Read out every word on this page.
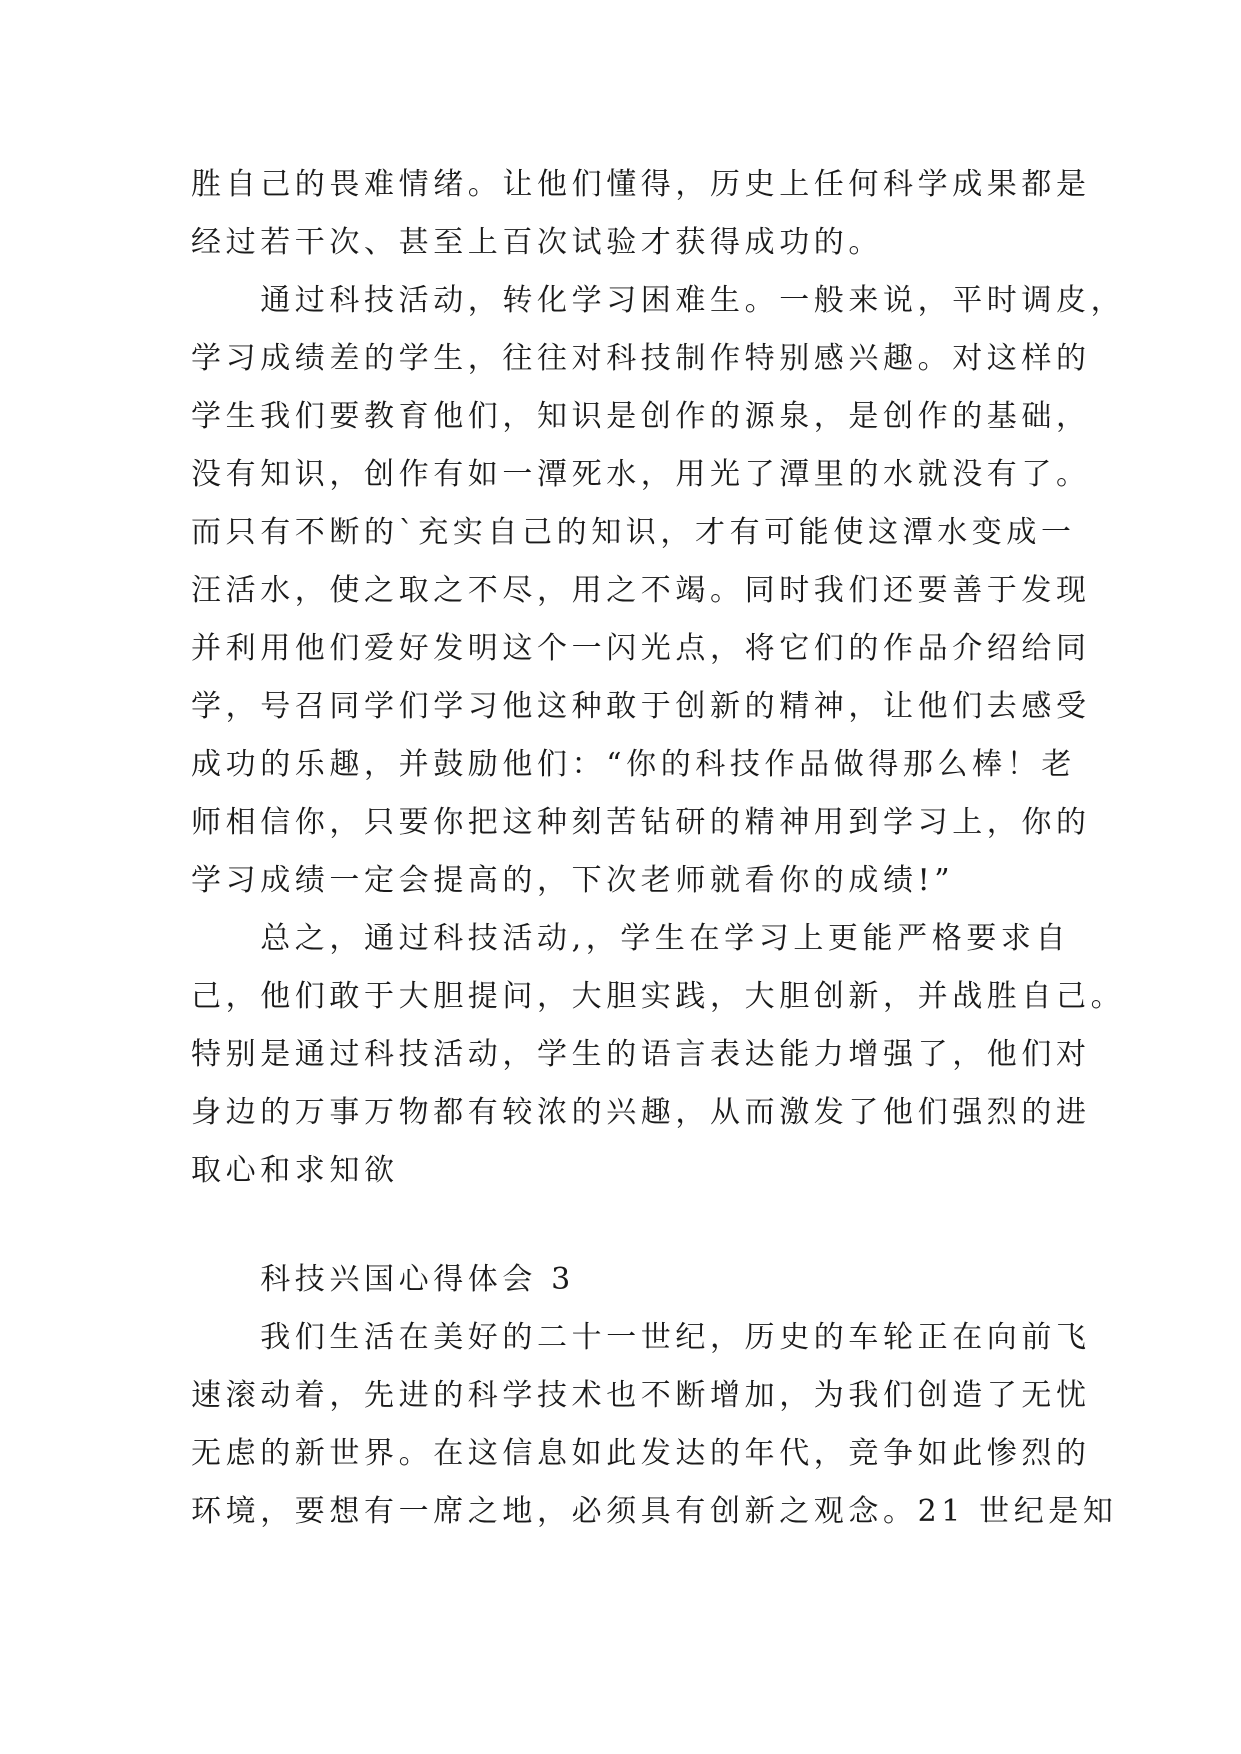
胜自己的畏难情绪。让他们懂得，历史上任何科学成果都是
经过若干次、甚至上百次试验才获得成功的。
　　通过科技活动，转化学习困难生。一般来说，平时调皮，
学习成绩差的学生，往往对科技制作特别感兴趣。对这样的
学生我们要教育他们，知识是创作的源泉，是创作的基础，
没有知识，创作有如一潭死水，用光了潭里的水就没有了。
而只有不断的`充实自己的知识，才有可能使这潭水变成一
汪活水，使之取之不尽，用之不竭。同时我们还要善于发现
并利用他们爱好发明这个一闪光点，将它们的作品介绍给同
学，号召同学们学习他这种敢于创新的精神，让他们去感受
成功的乐趣，并鼓励他们：“你的科技作品做得那么棒！老
师相信你，只要你把这种刻苦钻研的精神用到学习上，你的
学习成绩一定会提高的，下次老师就看你的成绩!”
　　总之，通过科技活动,，学生在学习上更能严格要求自
己，他们敢于大胆提问，大胆实践，大胆创新，并战胜自己。
特别是通过科技活动，学生的语言表达能力增强了，他们对
身边的万事万物都有较浓的兴趣，从而激发了他们强烈的进
取心和求知欲
　　科技兴国心得体会 3
　　我们生活在美好的二十一世纪，历史的车轮正在向前飞
速滚动着，先进的科学技术也不断增加，为我们创造了无忧
无虑的新世界。在这信息如此发达的年代，竞争如此惨烈的
环境，要想有一席之地，必须具有创新之观念。21 世纪是知
